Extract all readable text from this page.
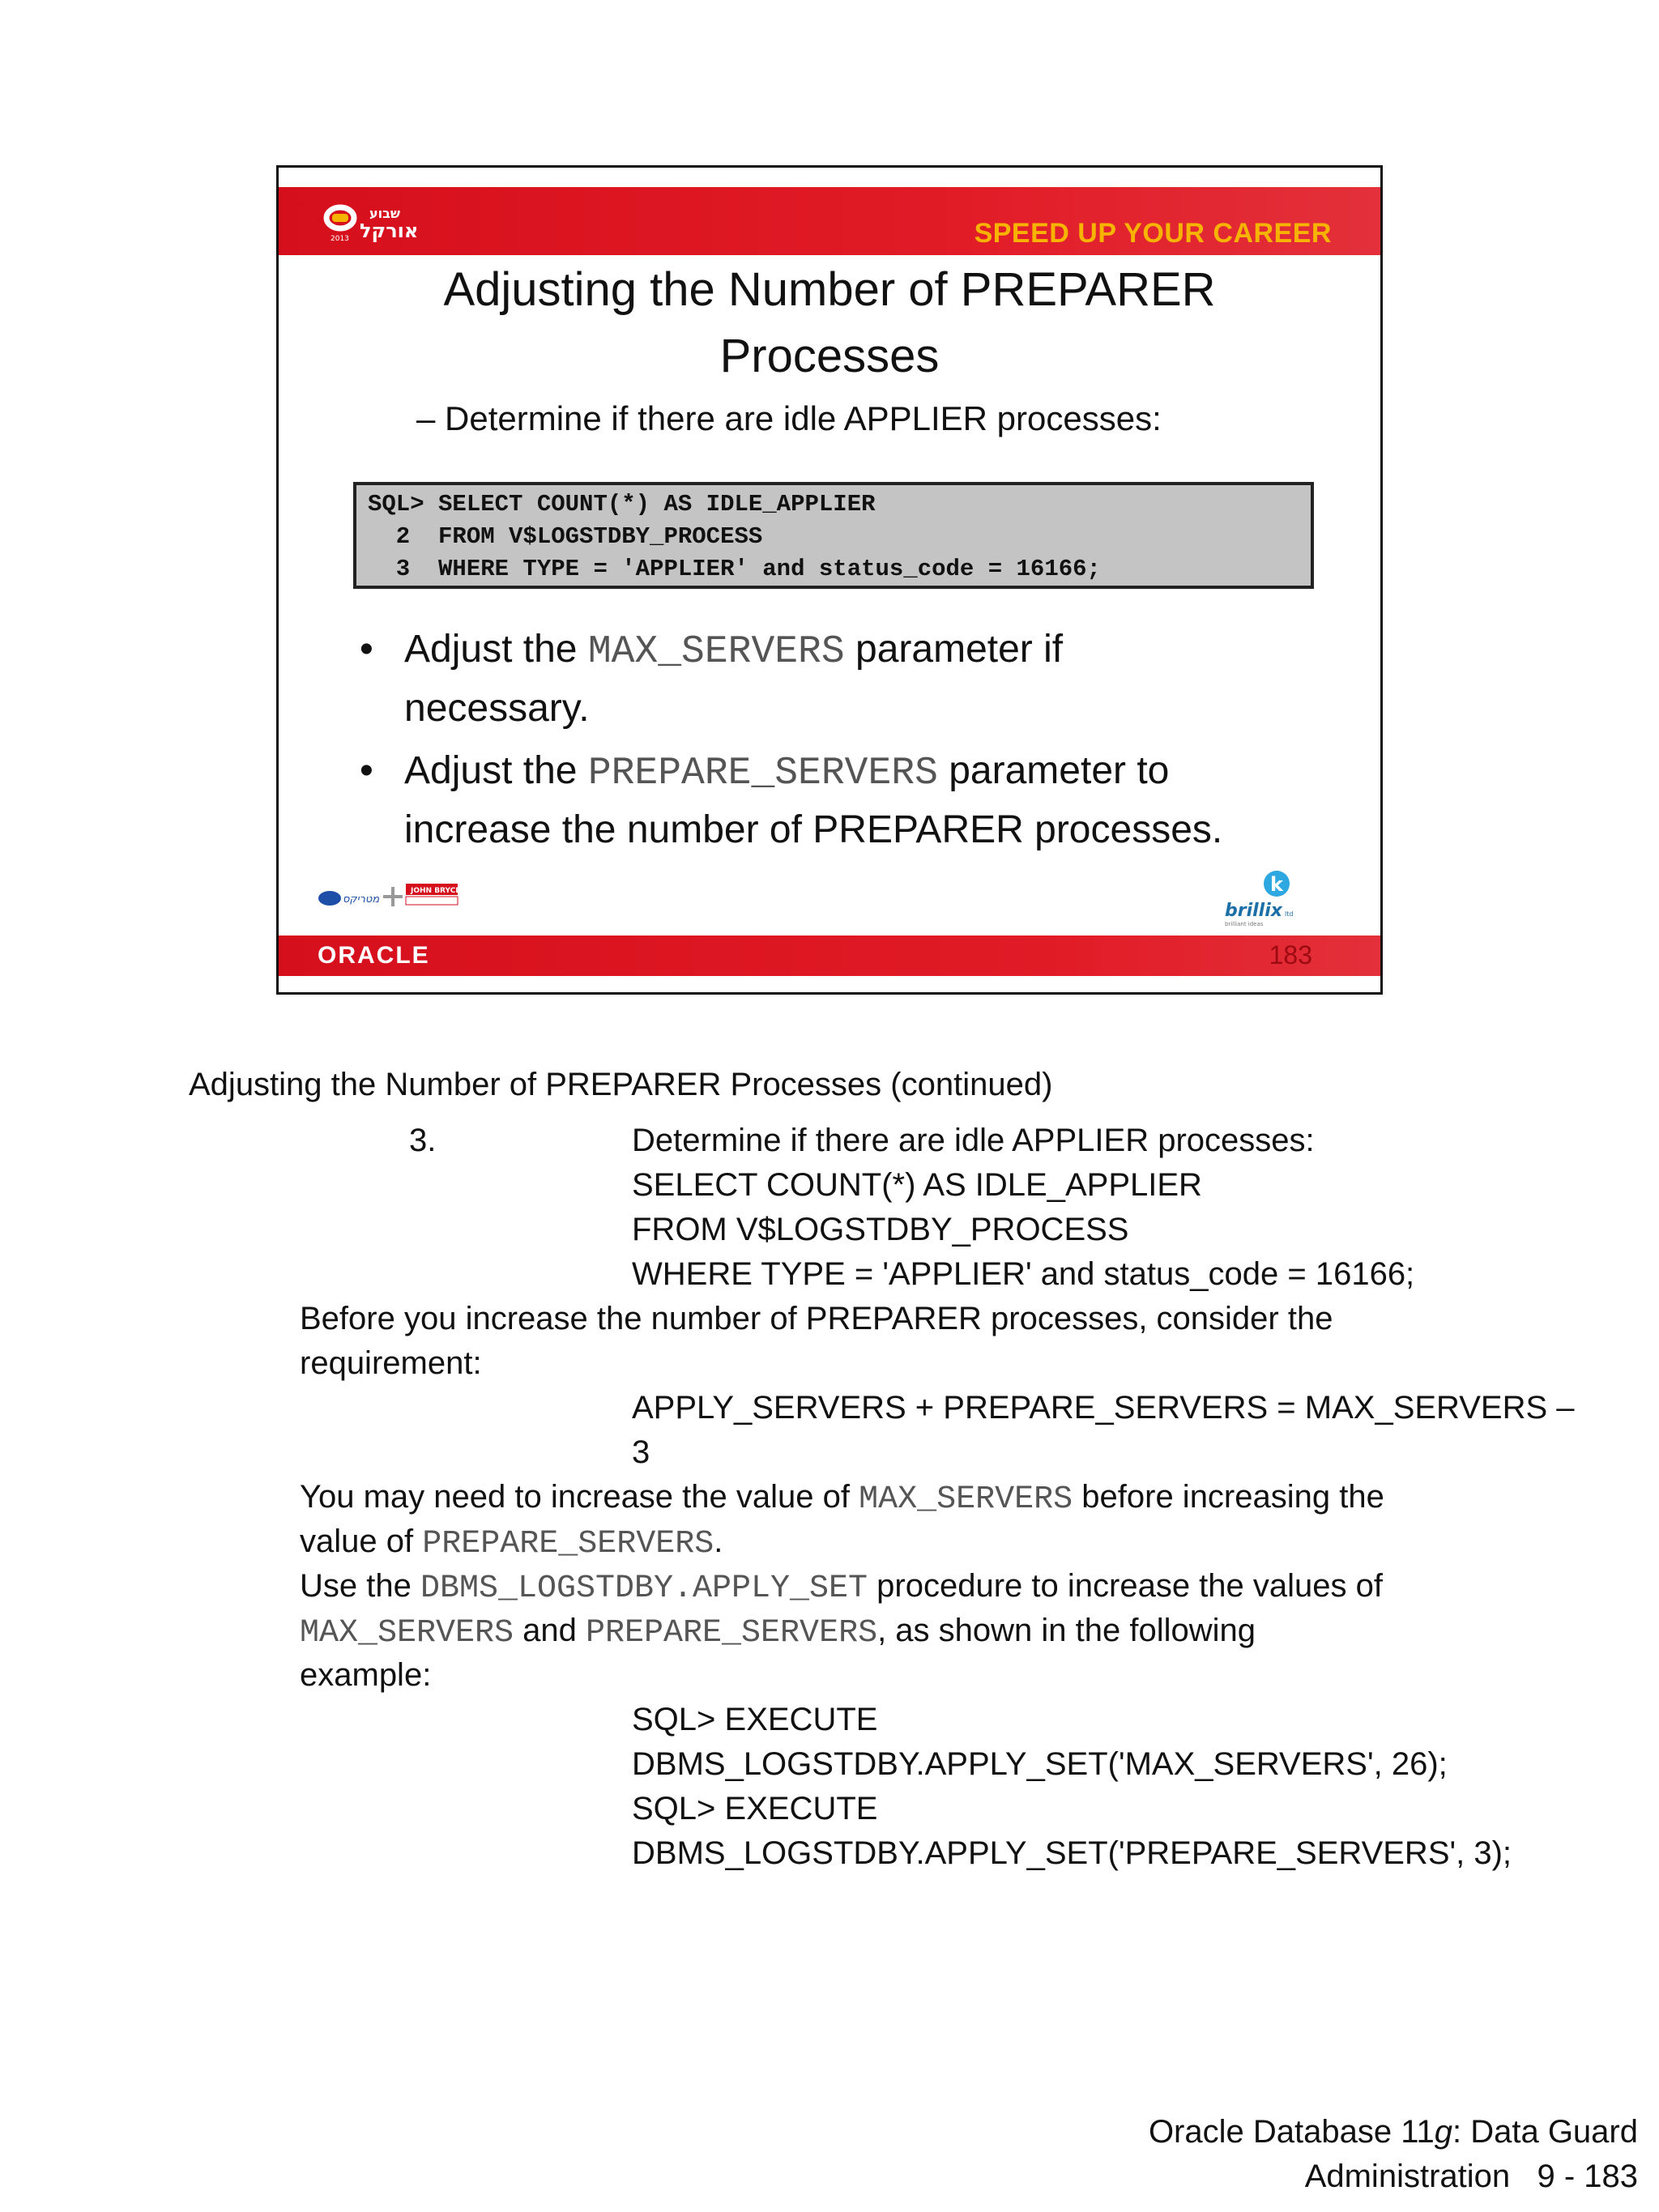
שבוע
אורקל
2013	SPEED UP YOUR CAREER
Adjusting the Number of PREPARER
Processes
– Determine if there are idle APPLIER processes:
SQL> SELECT COUNT(*) AS IDLE_APPLIER
2  FROM V$LOGSTDBY_PROCESS
3  WHERE TYPE = 'APPLIER' and status_code = 16166;
• Adjust the MAX_SERVERS parameter if
necessary.
• Adjust the PREPARE_SERVERS parameter to
increase the number of PREPARER processes.
מטריקס
JOHN BRYCE	k
brillix ltd
brilliant ideas
ORACLE	183
Adjusting the Number of PREPARER Processes (continued)
3.	Determine if there are idle APPLIER processes:
SELECT COUNT(*) AS IDLE_APPLIER
FROM V$LOGSTDBY_PROCESS
WHERE TYPE = 'APPLIER' and status_code = 16166;
Before you increase the number of PREPARER processes, consider the
requirement:
APPLY_SERVERS + PREPARE_SERVERS = MAX_SERVERS –
3
You may need to increase the value of MAX_SERVERS before increasing the
value of PREPARE_SERVERS.
Use the DBMS_LOGSTDBY.APPLY_SET procedure to increase the values of
MAX_SERVERS and PREPARE_SERVERS, as shown in the following
example:
SQL> EXECUTE
DBMS_LOGSTDBY.APPLY_SET('MAX_SERVERS', 26);
SQL> EXECUTE
DBMS_LOGSTDBY.APPLY_SET('PREPARE_SERVERS', 3);
Oracle Database 11g: Data Guard
Administration   9 - 183
